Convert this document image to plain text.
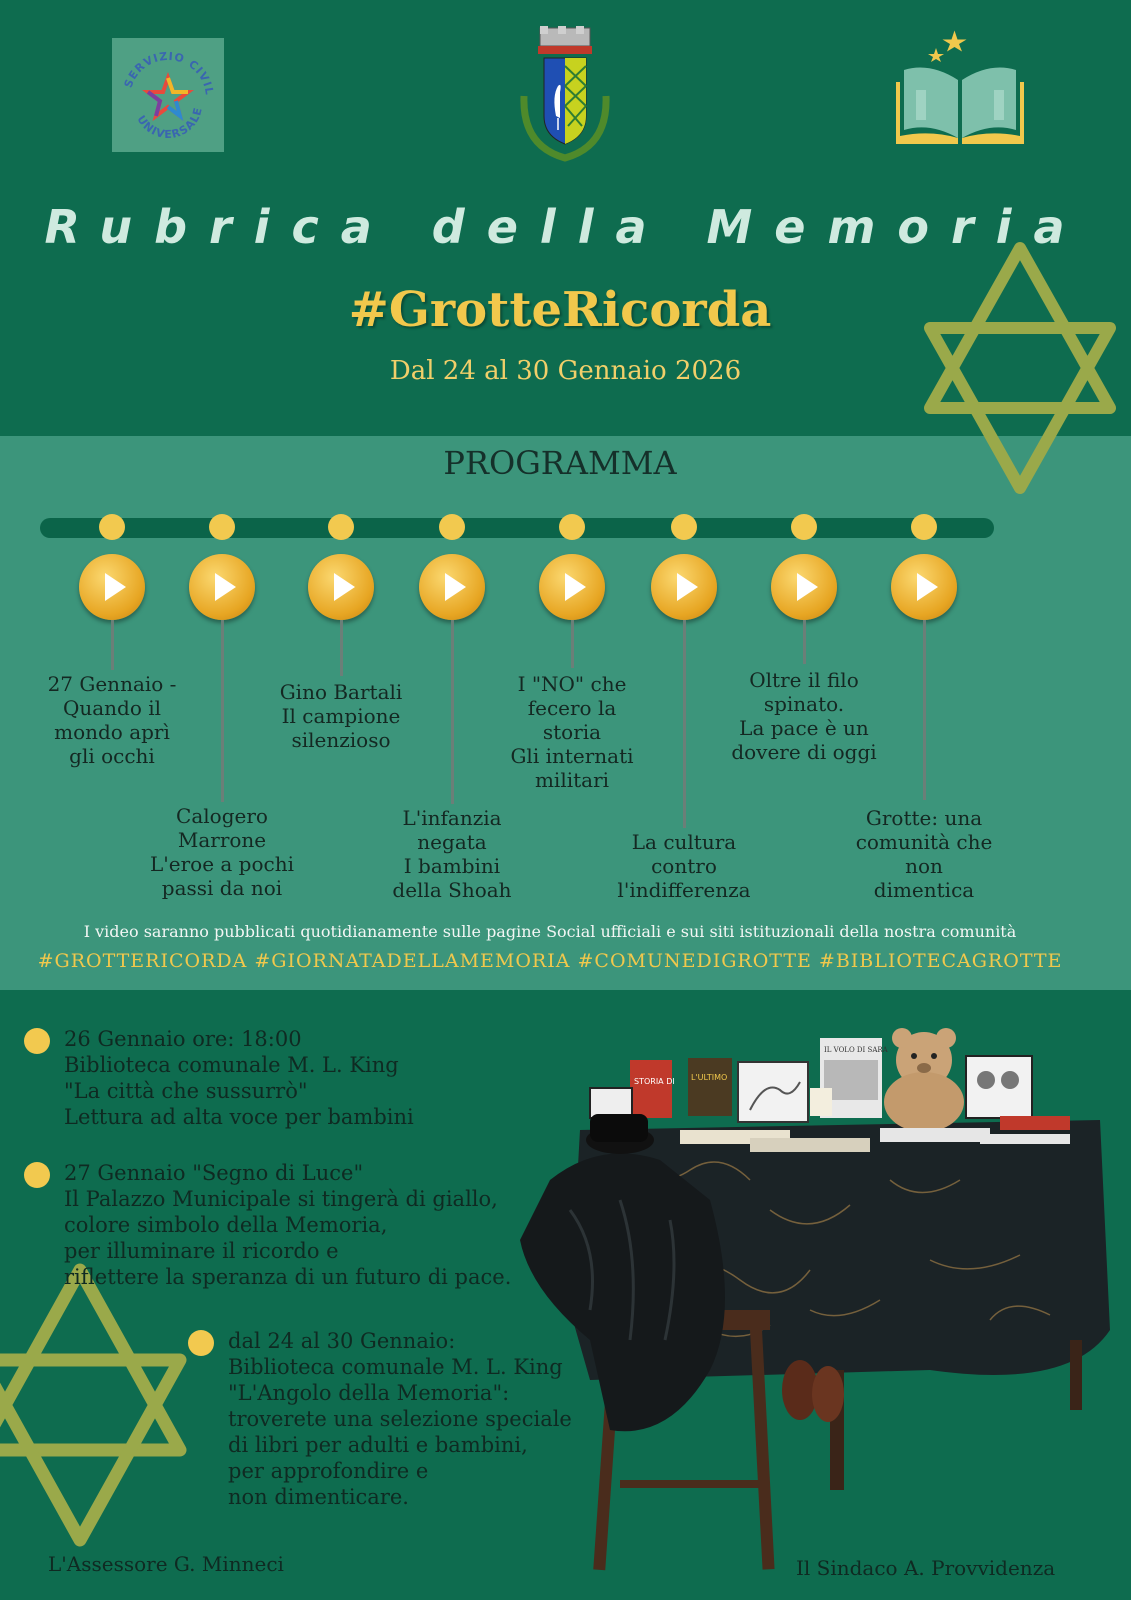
SERVIZIO CIVIL
UNIVERSALE
Rubrica della Memoria
#GrotteRicorda
Dal 24 al 30 Gennaio 2026
PROGRAMMA
27 Gennaio -
Quando il
mondo aprì
gli occhi
Calogero
Marrone
L'eroe a pochi
passi da noi
Gino Bartali
Il campione
silenzioso
L'infanzia
negata
I bambini
della Shoah
I "NO" che
fecero la
storia
Gli internati
militari
La cultura
contro
l'indifferenza
Oltre il filo
spinato.
La pace è un
dovere di oggi
Grotte: una
comunità che
non
dimentica
I video saranno pubblicati quotidianamente sulle pagine Social ufficiali e sui siti istituzionali della nostra comunità
#GROTTERICORDA #GIORNATADELLAMEMORIA #COMUNEDIGROTTE #BIBLIOTECAGROTTE
26 Gennaio ore: 18:00
Biblioteca comunale M. L. King
"La città che sussurrò"
Lettura ad alta voce per bambini
27 Gennaio "Segno di Luce"
Il Palazzo Municipale si tingerà di giallo,
colore simbolo della Memoria,
per illuminare il ricordo e
riflettere la speranza di un futuro di pace.
dal 24 al 30 Gennaio:
Biblioteca comunale M. L. King
"L'Angolo della Memoria":
troverete una selezione speciale
di libri per adulti e bambini,
per approfondire e
non dimenticare.
STORIA DI L'ULTIMO
IL VOLO DI SARA
L'Assessore G. Minneci	Il Sindaco A. Provvidenza
